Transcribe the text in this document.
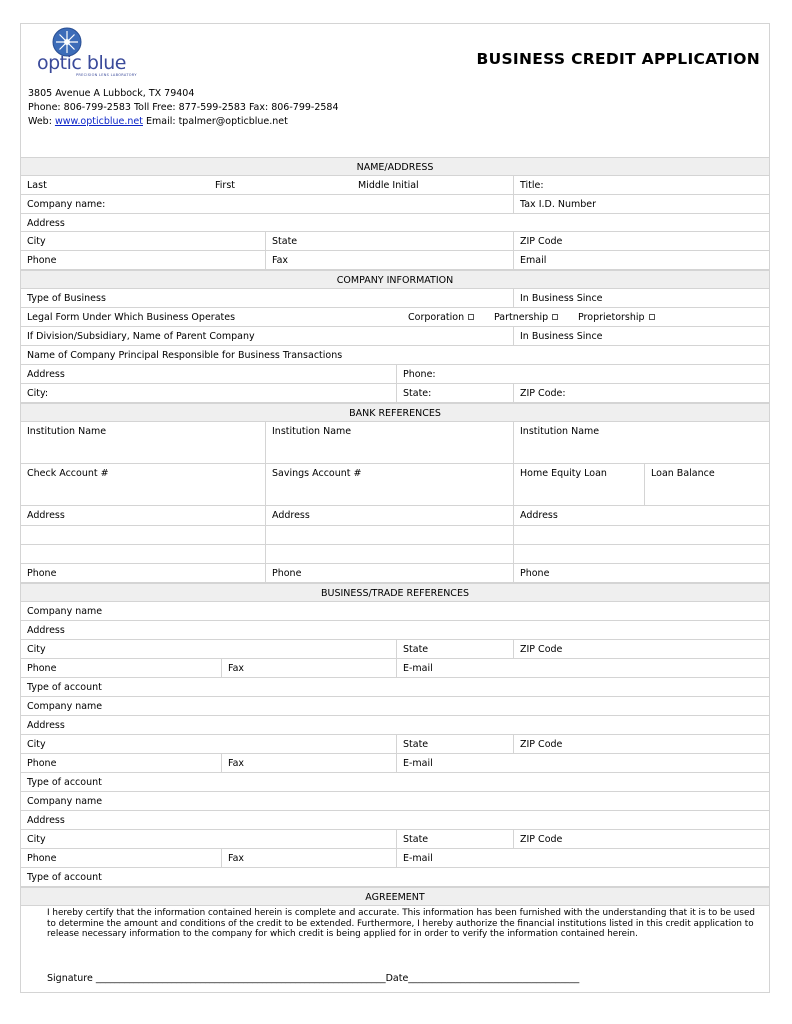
optic blue
PRECISION LENS LABORATORY
BUSINESS CREDIT APPLICATION
3805 Avenue A Lubbock, TX 79404
Phone: 806-799-2583 Toll Free: 877-599-2583 Fax: 806-799-2584
Web: www.opticblue.net Email: tpalmer@opticblue.net
NAME/ADDRESS
Last	First	Middle Initial	Title:
Company name:	Tax I.D. Number
Address
City	State	ZIP Code
Phone	Fax	Email
COMPANY INFORMATION
Type of Business	In Business Since
Legal Form Under Which Business Operates	Corporation	Partnership	Proprietorship
If Division/Subsidiary, Name of Parent Company	In Business Since
Name of Company Principal Responsible for Business Transactions
Address	Phone:
City:	State:	ZIP Code:
BANK REFERENCES
Institution Name	Institution Name	Institution Name
Check Account #	Savings Account #	Home Equity Loan	Loan Balance
Address	Address	Address
Phone	Phone	Phone
BUSINESS/TRADE REFERENCES
Company name
Address
City	State	ZIP Code
Phone	Fax	E-mail
Type of account
Company name
Address
City	State	ZIP Code
Phone	Fax	E-mail
Type of account
Company name
Address
City	State	ZIP Code
Phone	Fax	E-mail
Type of account
AGREEMENT
I hereby certify that the information contained herein is complete and accurate. This information has been furnished with the understanding that it is to be used to determine the amount and conditions of the credit to be extended. Furthermore, I hereby authorize the financial institutions listed in this credit application to release necessary information to the company for which credit is being applied for in order to verify the information contained herein.
Signature _____________________________________________________________Date____________________________________
